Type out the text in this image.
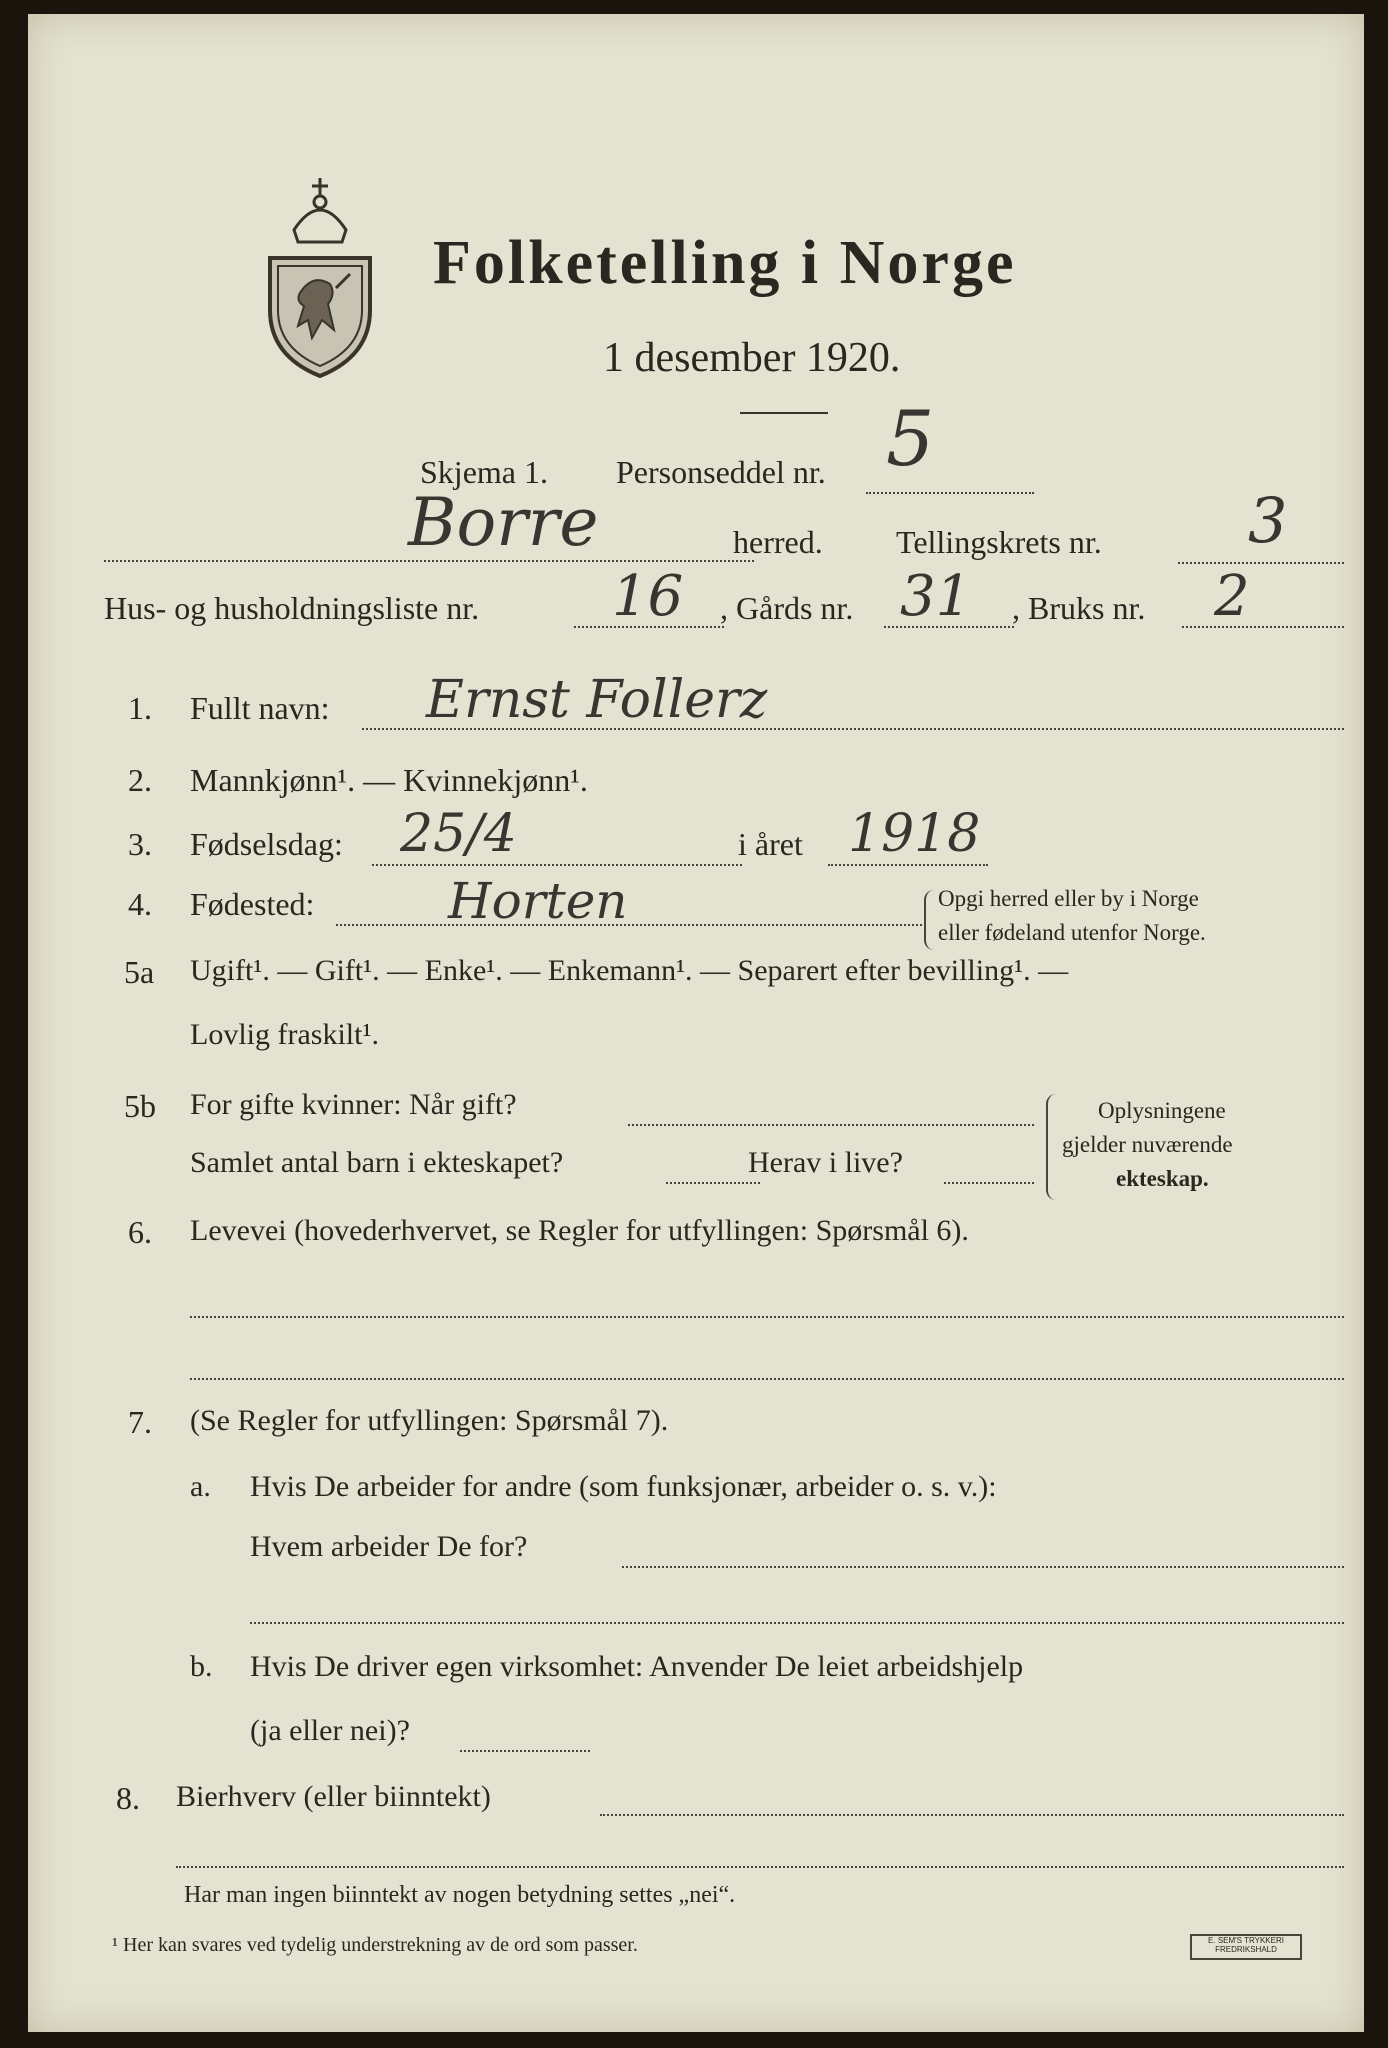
Folketelling i Norge
1 desember 1920.
Skjema 1. Personseddel nr. 5
Borre	herred. Tellingskrets nr. 3
Hus- og husholdningsliste nr. 16 , Gårds nr. 31 , Bruks nr. 2
1. Fullt navn: Ernst Follerz
2. Mannkjønn¹. — Kvinnekjønn¹.
3. Fødselsdag: 25/4	i året 1918
4. Fødested:	Horten	Opgi herred eller by i Norge
eller fødeland utenfor Norge.
5a Ugift¹. — Gift¹. — Enke¹. — Enkemann¹. — Separert efter bevilling¹. —
Lovlig fraskilt¹.
5b For gifte kvinner: Når gift?
Samlet antal barn i ekteskapet?	Herav i live?
Oplysningene
gjelder nuværende
ekteskap.
6. Levevei (hovederhvervet, se Regler for utfyllingen: Spørsmål 6).
7. (Se Regler for utfyllingen: Spørsmål 7).
a. Hvis De arbeider for andre (som funksjonær, arbeider o. s. v.):
Hvem arbeider De for?
b. Hvis De driver egen virksomhet: Anvender De leiet arbeidshjelp
(ja eller nei)?
8. Bierhverv (eller biinntekt)
Har man ingen biinntekt av nogen betydning settes „nei“.
¹ Her kan svares ved tydelig understrekning av de ord som passer.	E. SEM'S TRYKKERI
FREDRIKSHALD
